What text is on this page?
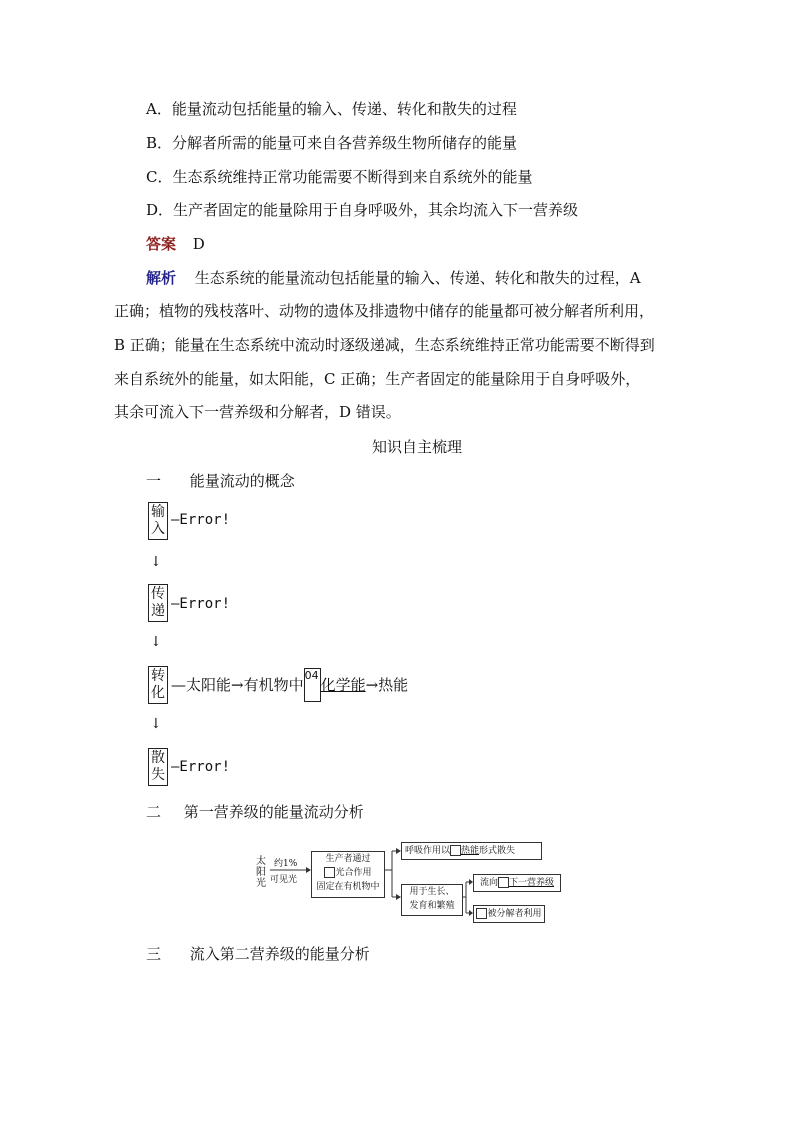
A．能量流动包括能量的输入、传递、转化和散失的过程
B．分解者所需的能量可来自各营养级生物所储存的能量
C．生态系统维持正常功能需要不断得到来自系统外的能量
D．生产者固定的能量除用于自身呼吸外，其余均流入下一营养级
答案 D
解析 生态系统的能量流动包括能量的输入、传递、转化和散失的过程，A
正确；植物的残枝落叶、动物的遗体及排遗物中储存的能量都可被分解者所利用，
B 正确；能量在生态系统中流动时逐级递减，生态系统维持正常功能需要不断得到
来自系统外的能量，如太阳能，C 正确；生产者固定的能量除用于自身呼吸外，
其余可流入下一营养级和分解者，D 错误。
知识自主梳理
一 能量流动的概念
输入
—Error!
↓
传递 —Error!
↓
转化 —太阳能→有机物中04化学能→热能
↓
散失 —Error!
二 第一营养级的能量流动分析
太阳光
约1%
可见光
生产者通过
光合作用
固定在有机物中
呼吸作用以 热能形式散失
用于生长、
发育和繁殖
流向 下一营养级
被分解者利用
三 流入第二营养级的能量分析
